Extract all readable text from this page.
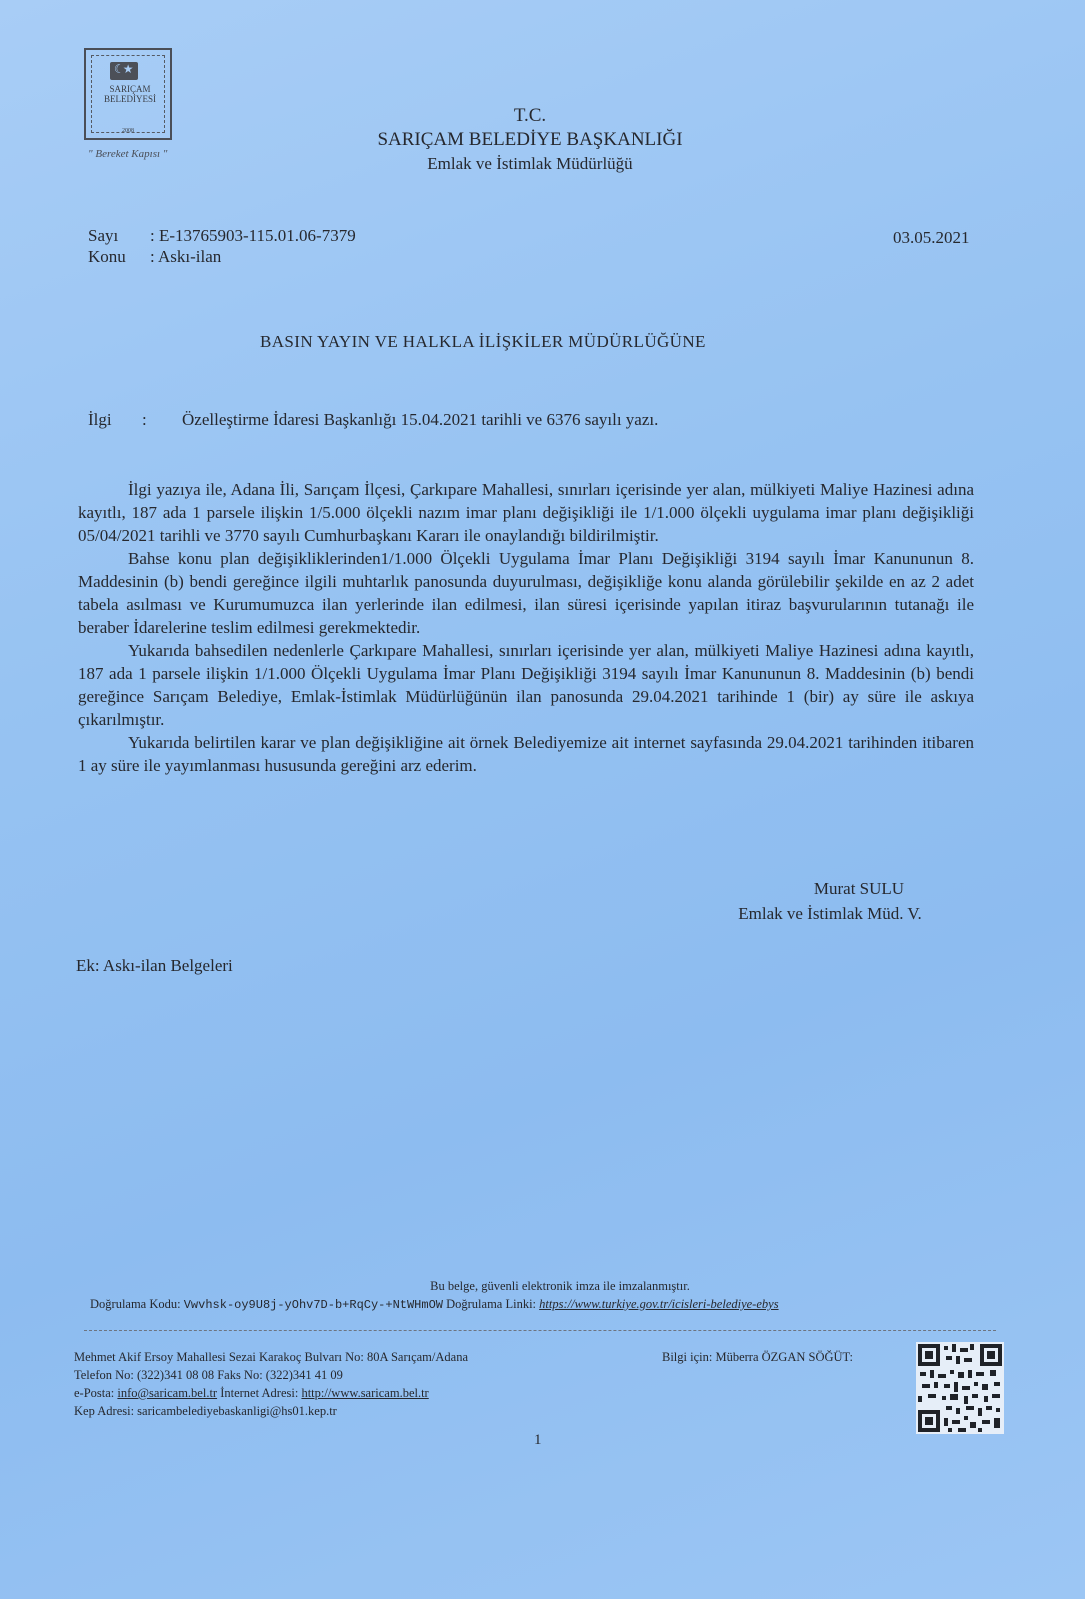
☾★
SARIÇAM
BELEDİYESİ
2008
" Bereket Kapısı "
T.C.
SARIÇAM BELEDİYE BAŞKANLIĞI
Emlak ve İstimlak Müdürlüğü
Sayı : E-13765903-115.01.06-7379
Konu : Askı-ilan
03.05.2021
BASIN YAYIN VE HALKLA İLİŞKİLER MÜDÜRLÜĞÜNE
İlgi : Özelleştirme İdaresi Başkanlığı 15.04.2021 tarihli ve 6376 sayılı yazı.

İlgi yazıya ile, Adana İli, Sarıçam İlçesi, Çarkıpare Mahallesi, sınırları içerisinde yer alan, mülkiyeti Maliye Hazinesi adına kayıtlı, 187 ada 1 parsele ilişkin 1/5.000 ölçekli nazım imar planı değişikliği ile 1/1.000 ölçekli uygulama imar planı değişikliği 05/04/2021 tarihli ve 3770 sayılı Cumhurbaşkanı Kararı ile onaylandığı bildirilmiştir.

Bahse konu plan değişikliklerinden1/1.000 Ölçekli Uygulama İmar Planı Değişikliği 3194 sayılı İmar Kanununun 8. Maddesinin (b) bendi gereğince ilgili muhtarlık panosunda duyurulması, değişikliğe konu alanda görülebilir şekilde en az 2 adet tabela asılması ve Kurumumuzca ilan yerlerinde ilan edilmesi, ilan süresi içerisinde yapılan itiraz başvurularının tutanağı ile beraber İdarelerine teslim edilmesi gerekmektedir.

Yukarıda bahsedilen nedenlerle Çarkıpare Mahallesi, sınırları içerisinde yer alan, mülkiyeti Maliye Hazinesi adına kayıtlı, 187 ada 1 parsele ilişkin 1/1.000 Ölçekli Uygulama İmar Planı Değişikliği 3194 sayılı İmar Kanununun 8. Maddesinin (b) bendi gereğince Sarıçam Belediye, Emlak-İstimlak Müdürlüğünün ilan panosunda 29.04.2021 tarihinde 1 (bir) ay süre ile askıya çıkarılmıştır.

Yukarıda belirtilen karar ve plan değişikliğine ait örnek Belediyemize ait internet sayfasında 29.04.2021 tarihinden itibaren 1 ay süre ile yayımlanması hususunda gereğini arz ederim.

Murat SULU
Emlak ve İstimlak Müd. V.
Ek: Askı-ilan Belgeleri
Bu belge, güvenli elektronik imza ile imzalanmıştır.
Doğrulama Kodu: Vwvhsk-oy9U8j-yOhv7D-b+RqCy-+NtWHmOW Doğrulama Linki: https://www.turkiye.gov.tr/icisleri-belediye-ebys
Mehmet Akif Ersoy Mahallesi Sezai Karakoç Bulvarı No: 80A Sarıçam/Adana
Telefon No: (322)341 08 08 Faks No: (322)341 41 09
e-Posta: info@saricam.bel.tr İnternet Adresi: http://www.saricam.bel.tr
Kep Adresi: saricambelediyebaskanligi@hs01.kep.tr
Bilgi için: Müberra ÖZGAN SÖĞÜT:
1
